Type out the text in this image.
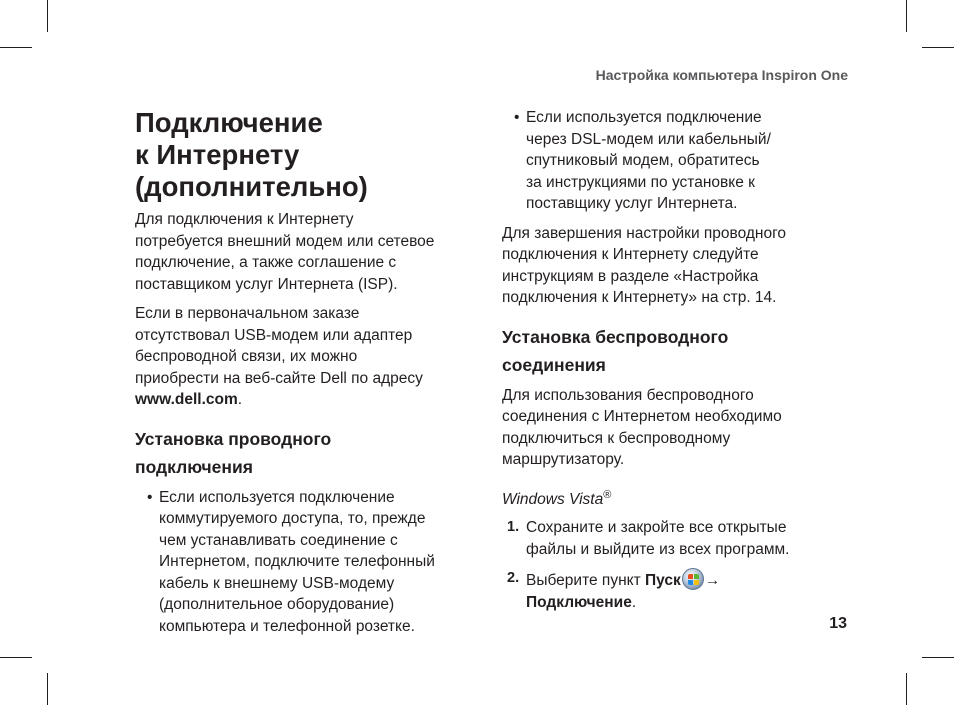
Настройка компьютера Inspiron One
Подключение
к Интернету
(дополнительно)

Для подключения к Интернету
потребуется внешний модем или сетевое
подключение, а также соглашение с
поставщиком услуг Интернета (ISP).

Если в первоначальном заказе
отсутствовал USB-модем или адаптер
беспроводной связи, их можно
приобрести на веб-сайте Dell по адресу
www.dell.com.

Установка проводного
подключения
• Если используется подключение
коммутируемого доступа, то, прежде
чем устанавливать соединение с
Интернетом, подключите телефонный
кабель к внешнему USB-модему
(дополнительное оборудование)
компьютера и телефонной розетке.
• Если используется подключение
через DSL-модем или кабельный/
спутниковый модем, обратитесь
за инструкциями по установке к
поставщику услуг Интернета.

Для завершения настройки проводного
подключения к Интернету следуйте
инструкциям в разделе «Настройка
подключения к Интернету» на стр. 14.

Установка беспроводного
соединения

Для использования беспроводного
соединения с Интернетом необходимо
подключиться к беспроводному
маршрутизатору.

Windows Vista®
1. Сохраните и закройте все открытые
файлы и выйдите из всех программ.
2. Выберите пункт Пуск →
Подключение.
13
